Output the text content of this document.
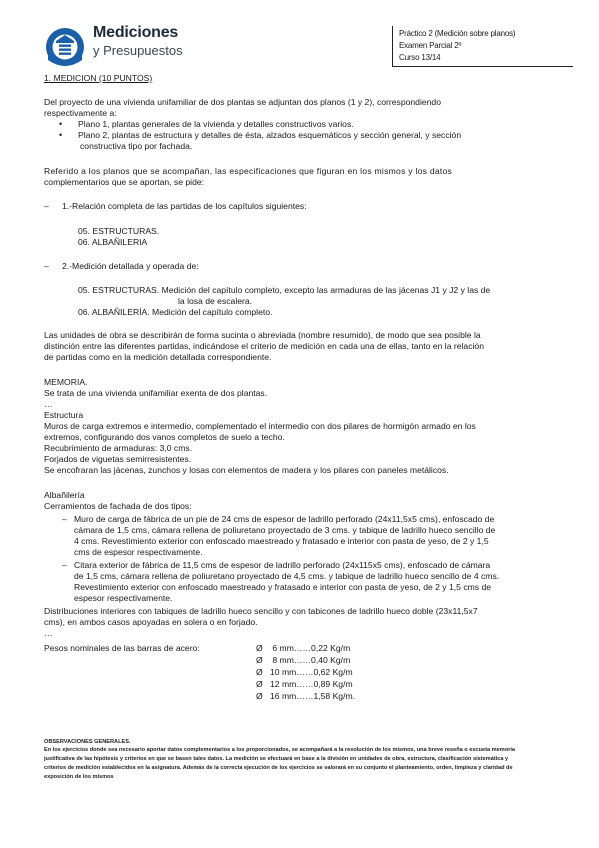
Mediciones
y Presupuestos
Práctico 2 (Medición sobre planos)
Examen Parcial 2º
Curso 13/14
1. MEDICION (10 PUNTOS)
Del proyecto de una vivienda unifamiliar de dos plantas se adjuntan dos planos (1 y 2), correspondiendo
respectivamente a:
• Plano 1, plantas generales de la vivienda y detalles constructivos varios.
• Plano 2, plantas de estructura y detalles de ésta, alzados esquemáticos y sección general, y sección
constructiva tipo por fachada.
Referido a los planos que se acompañan, las especificaciones que figuran en los mismos y los datos
complementarios que se aportan, se pide:
– 1.-Relación completa de las partidas de los capítulos siguientes:
05. ESTRUCTURAS.
06. ALBAÑILERIA
– 2.-Medición detallada y operada de:
05. ESTRUCTURAS. Medición del capítulo completo, excepto las armaduras de las jácenas J1 y J2 y las de
la losa de escalera.
06. ALBAÑILERÍA. Medición del capítulo completo.
Las unidades de obra se describirán de forma sucinta o abreviada (nombre resumido), de modo que sea posible la
distinción entre las diferentes partidas, indicándose el criterio de medición en cada una de ellas, tanto en la relación
de partidas como en la medición detallada correspondiente.
MEMORIA.
Se trata de una vivienda unifamiliar exenta de dos plantas.
…
Estructura
Muros de carga extremos e intermedio, complementado el intermedio con dos pilares de hormigón armado en los
extremos, configurando dos vanos completos de suelo a techo.
Recubrimiento de armaduras: 3,0 cms.
Forjados de viguetas semirresistentes.
Se encofraran las jácenas, zunchos y losas con elementos de madera y los pilares con paneles metálicos.
Albañilería
Cerramientos de fachada de dos tipos:
– Muro de carga de fábrica de un pie de 24 cms de espesor de ladrillo perforado (24x11,5x5 cms), enfoscado de
cámara de 1,5 cms, cámara rellena de poliuretano proyectado de 3 cms. y tabique de ladrillo hueco sencillo de
4 cms. Revestimiento exterior con enfoscado maestreado y fratasado e interior con pasta de yeso, de 2 y 1,5
cms de espesor respectivamente.
– Citara exterior de fábrica de 11,5 cms de espesor de ladrillo perforado (24x115x5 cms), enfoscado de cámara
de 1,5 cms, cámara rellena de poliuretano proyectado de 4,5 cms. y tabique de ladrillo hueco sencillo de 4 cms.
Revestimiento exterior con enfoscado maestreado y fratasado e interior con pasta de yeso, de 2 y 1,5 cms de
espesor respectivamente.
Distribuciones interiores con tabiques de ladrillo hueco sencillo y con tabicones de ladrillo hueco doble (23x11,5x7
cms), en ambos casos apoyadas en solera o en forjado.
…
Pesos nominales de las barras de acero:	Ø 6 mm……0,22 Kg/m
Ø 8 mm……0,40 Kg/m
Ø 10 mm……0,62 Kg/m
Ø 12 mm……0,89 Kg/m
Ø 16 mm……1,58 Kg/m.
OBSERVACIONES GENERALES.
En los ejercicios donde sea necesario aportar datos complementarios a los proporcionados, se acompañará a la resolución de los mismos, una breve reseña o escueta memoria
justificativa de las hipótesis y criterios en que se basen tales datos. La medición se efectuará en base a la división en unidades de obra, estructura, clasificación sistemática y
criterios de medición establecidos en la asignatura. Además de la correcta ejecución de los ejercicios se valorará en su conjunto el planteamiento, orden, limpieza y claridad de
exposición de los mismos
